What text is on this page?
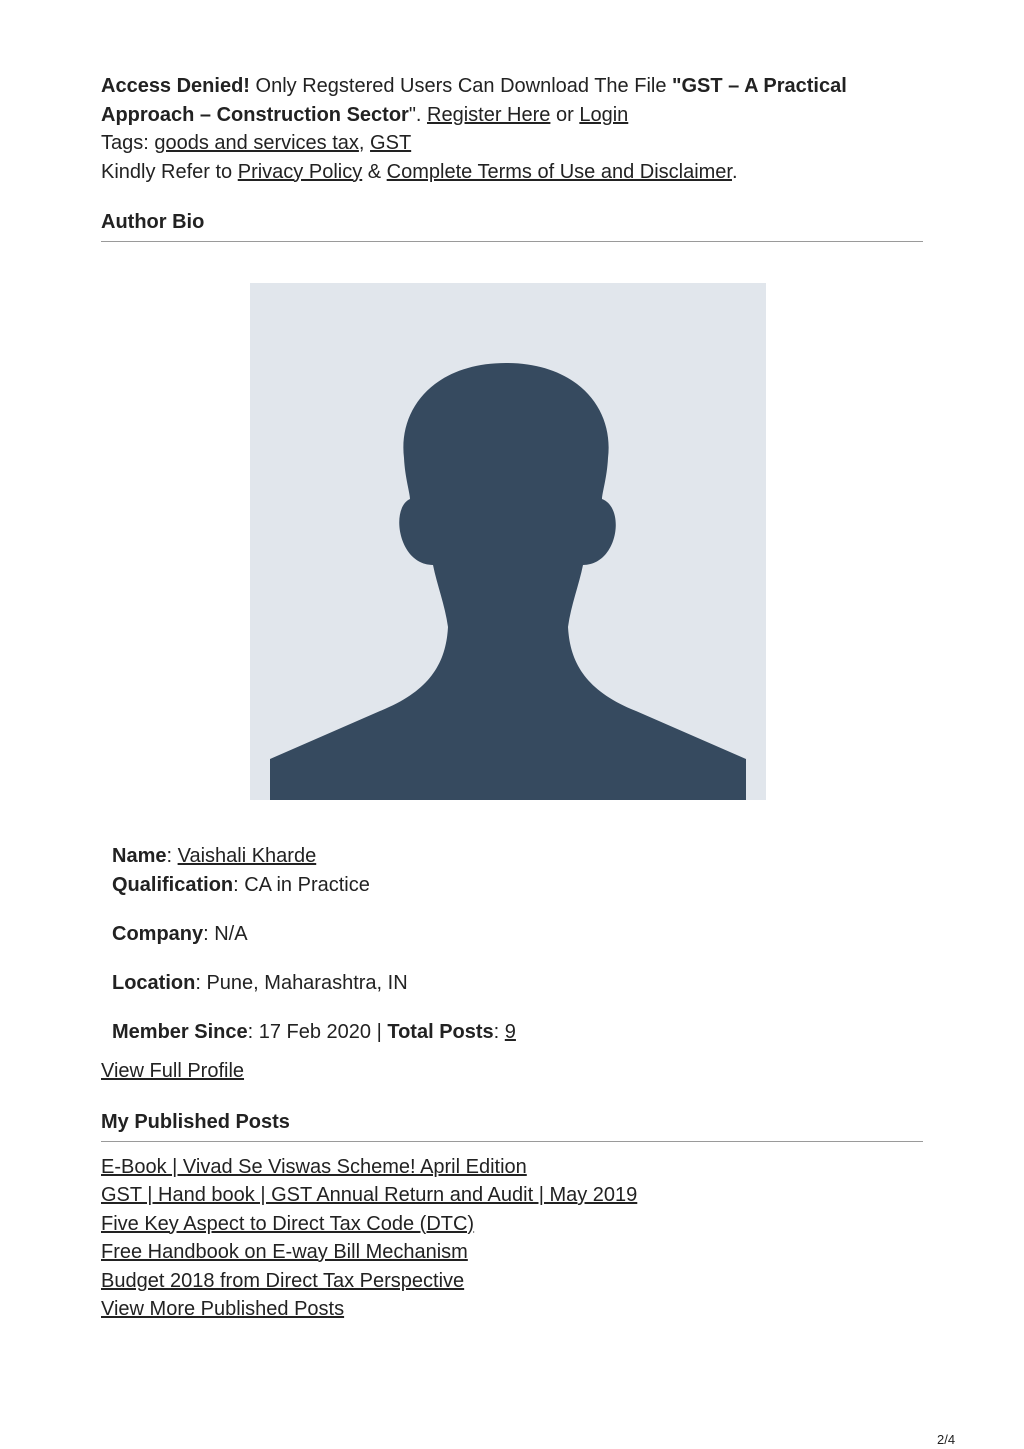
Access Denied! Only Regstered Users Can Download The File "GST – A Practical Approach – Construction Sector". Register Here or Login

Tags: goods and services tax, GST

Kindly Refer to Privacy Policy & Complete Terms of Use and Disclaimer.

Author Bio

Name: Vaishali Kharde

Qualification: CA in Practice

Company: N/A

Location: Pune, Maharashtra, IN

Member Since: 17 Feb 2020 | Total Posts: 9

View Full Profile

My Published Posts

E-Book | Vivad Se Viswas Scheme! April Edition

GST | Hand book | GST Annual Return and Audit | May 2019

Five Key Aspect to Direct Tax Code (DTC)

Free Handbook on E-way Bill Mechanism

Budget 2018 from Direct Tax Perspective

View More Published Posts

2/4
